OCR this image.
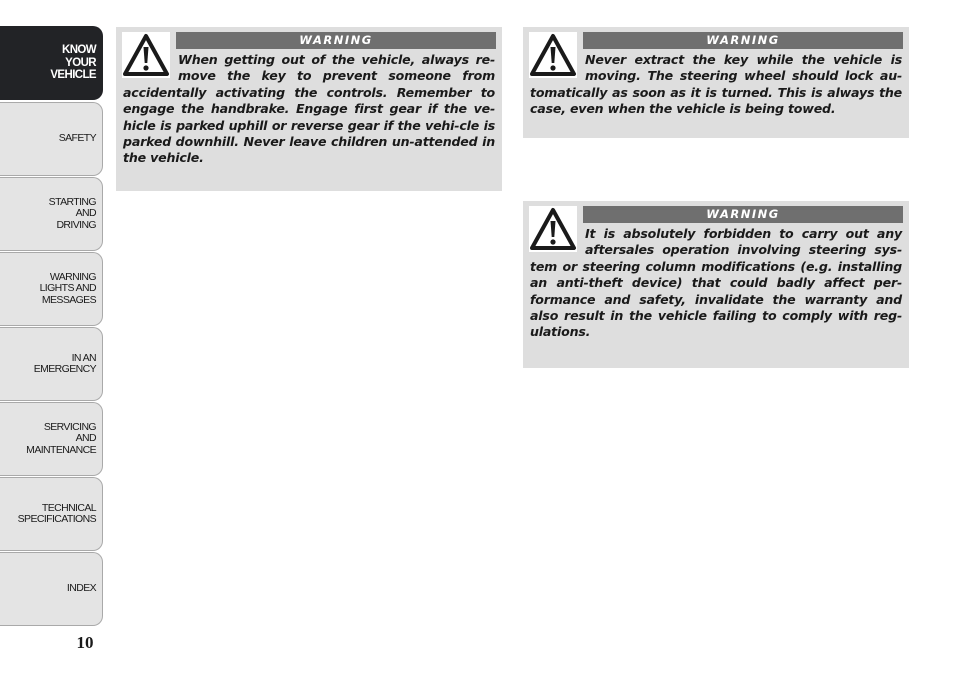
KNOW
YOUR
VEHICLE
SAFETY
STARTING
AND
DRIVING
WARNING
LIGHTS AND
MESSAGES
IN AN
EMERGENCY
SERVICING
AND
MAINTENANCE
TECHNICAL
SPECIFICATIONS
INDEX
10
When getting out of the vehicle, always re-move the key to prevent someone from accidentally activating the controls. Remember to engage the handbrake. Engage first gear if the ve-hicle is parked uphill or reverse gear if the vehi-cle is parked downhill. Never leave children un-attended in the vehicle.
WARNING
Never extract the key while the vehicle is moving. The steering wheel should lock au-tomatically as soon as it is turned. This is always the case, even when the vehicle is being towed.
WARNING
It is absolutely forbidden to carry out any aftersales operation involving steering sys-tem or steering column modifications (e.g. installing an anti-theft device) that could badly affect per-formance and safety, invalidate the warranty and also result in the vehicle failing to comply with reg-ulations.
WARNING
